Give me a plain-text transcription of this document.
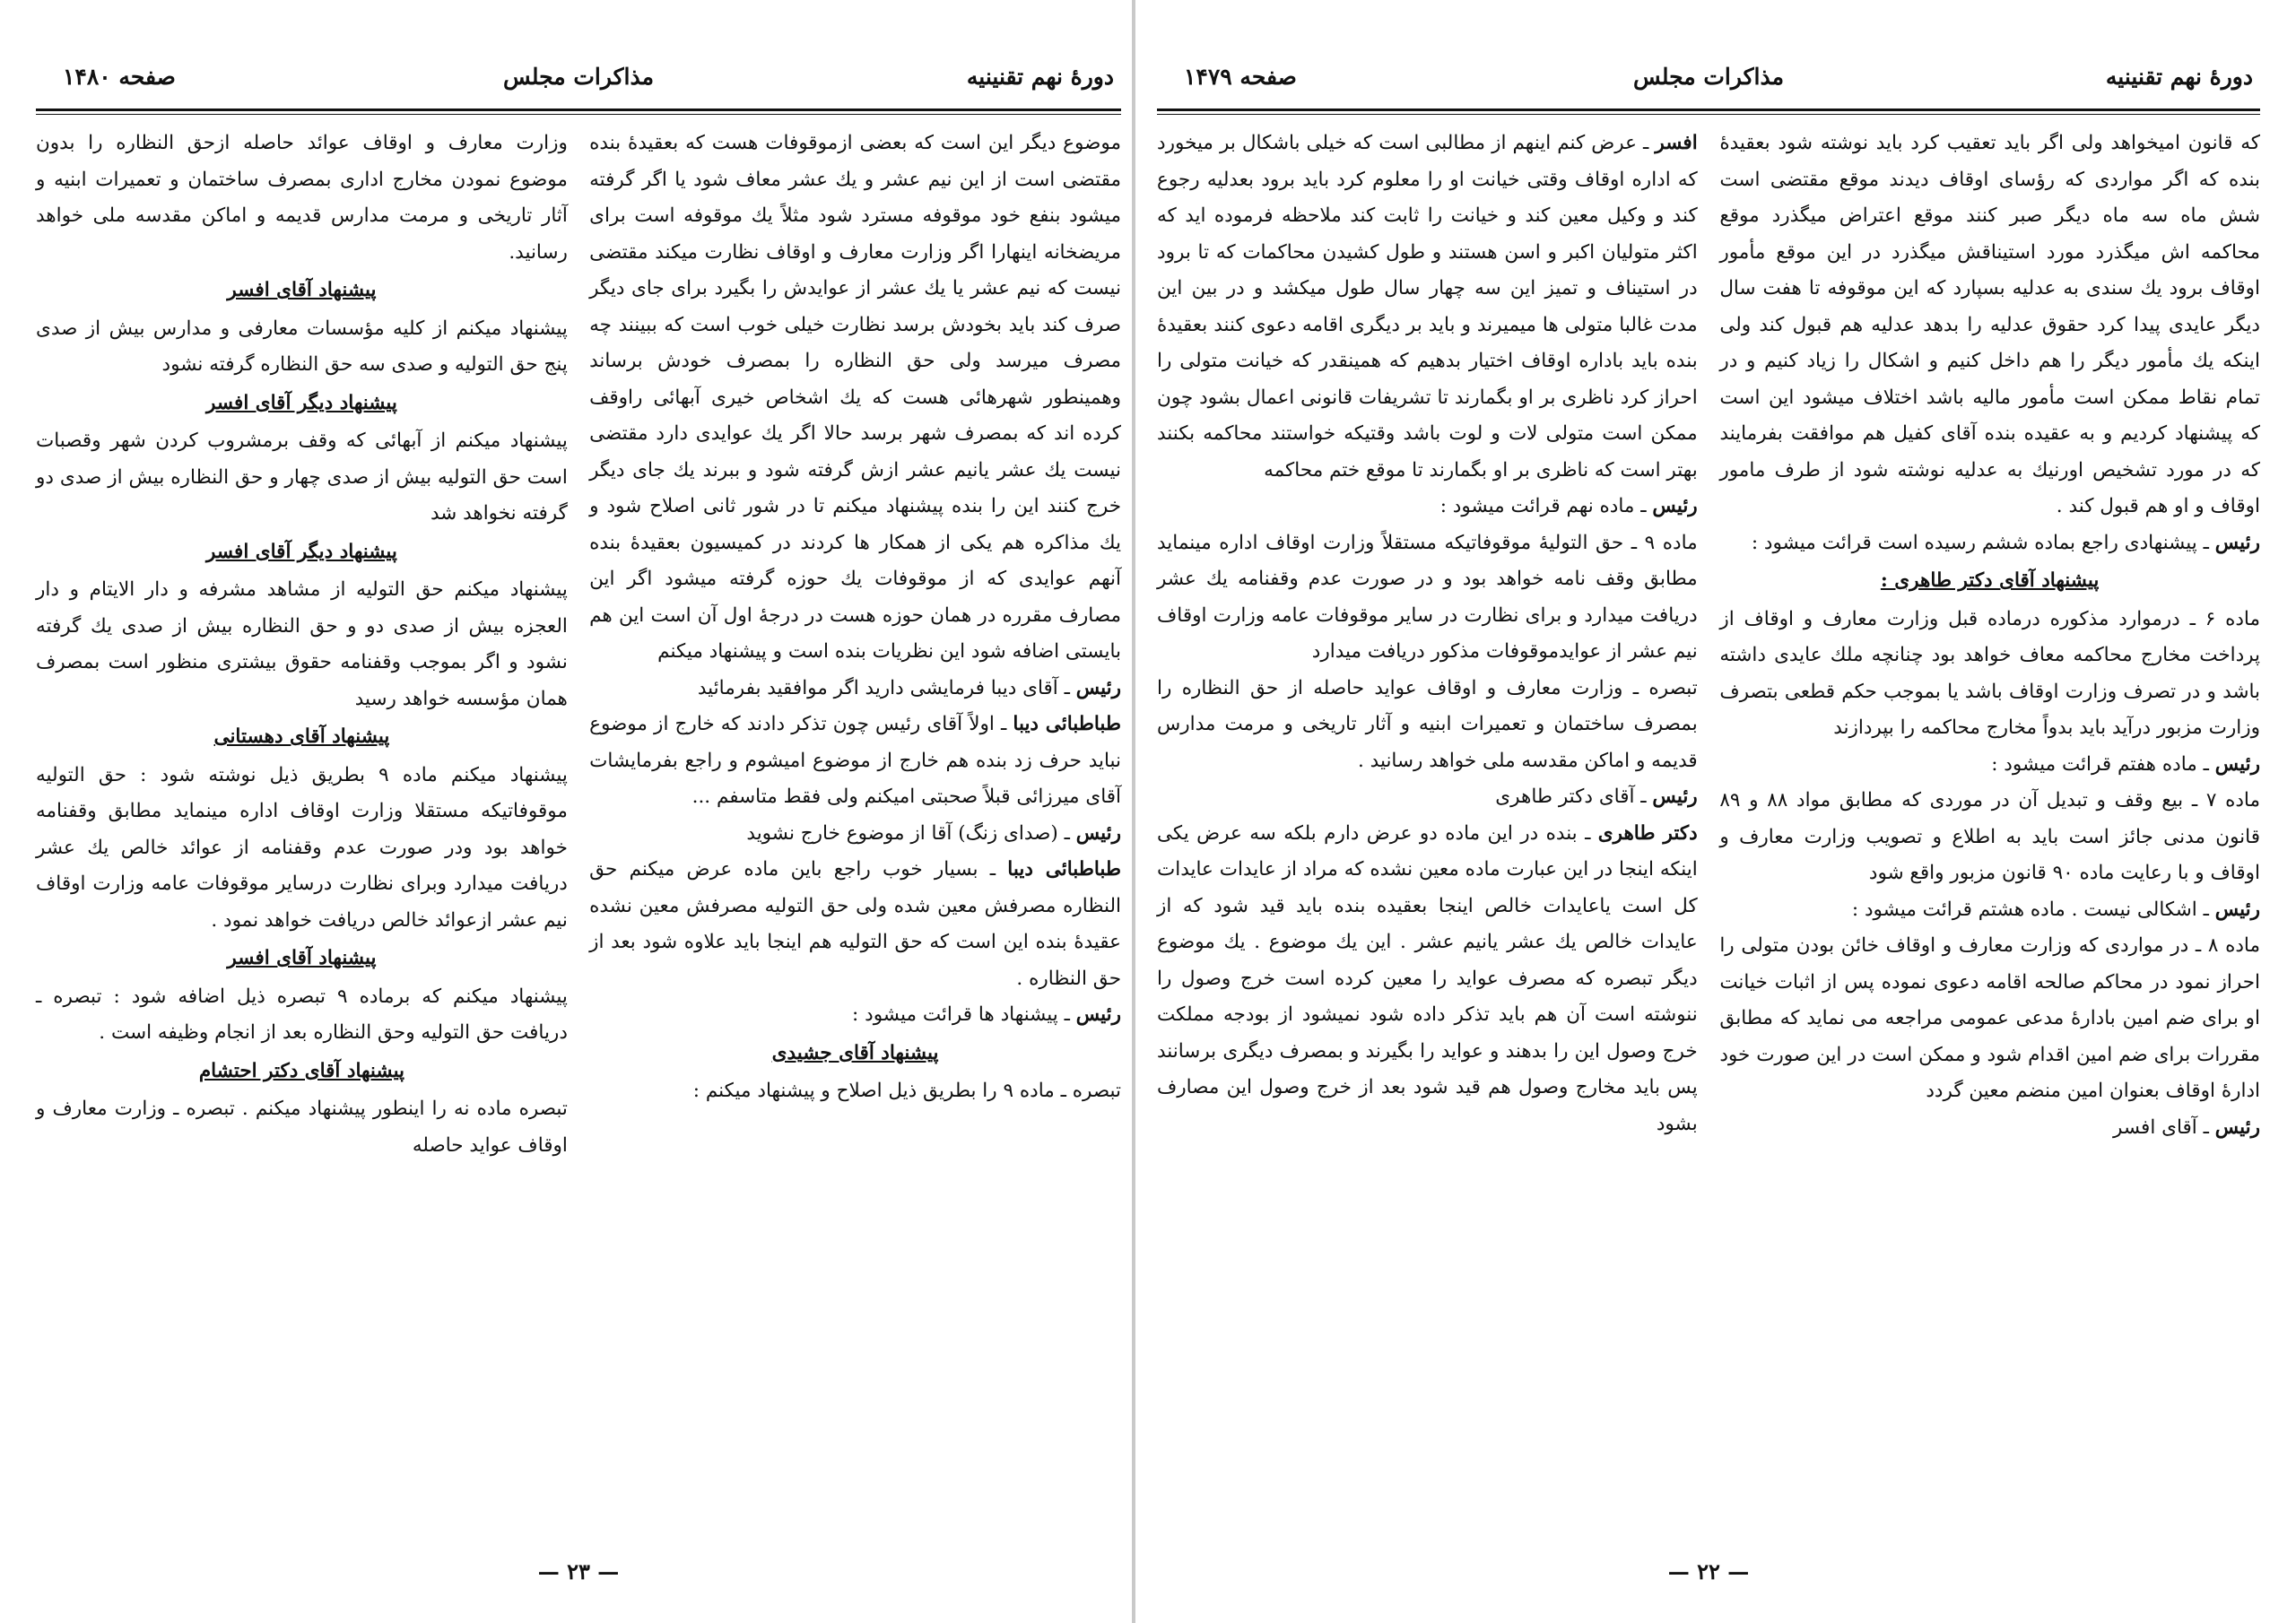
دورهٔ نهم تقنینیه
مذاکرات مجلس
صفحه ۱۴۸۰

موضوع دیگر این است که بعضی ازموقوفات هست که بعقیدهٔ بنده مقتضی است از این نیم عشر و یك عشر معاف شود یا اگر گرفته میشود بنفع خود موقوفه مسترد شود مثلاً یك موقوفه است برای مریضخانه اینهارا اگر وزارت معارف و اوقاف نظارت میکند مقتضی نیست که نیم عشر یا یك عشر از عوایدش را بگیرد برای جای دیگر صرف کند باید بخودش برسد نظارت خیلی خوب است که ببینند چه مصرف میرسد ولی حق النظاره را بمصرف خودش برساند وهمینطور شهرهائی هست که یك اشخاص خیری آبهائی راوقف کرده اند که بمصرف شهر برسد حالا اگر یك عوایدی دارد مقتضی نیست یك عشر یانیم عشر ازش گرفته شود و ببرند یك جای دیگر خرج کنند این را بنده پیشنهاد میکنم تا در شور ثانی اصلاح شود و یك مذاکره هم یکی از همکار ها کردند در کمیسیون بعقیدهٔ بنده آنهم عوایدی که از موقوفات یك حوزه گرفته میشود اگر این مصارف مقرره در همان حوزه هست در درجهٔ اول آن است این هم بایستی اضافه شود این نظریات بنده است و پیشنهاد میکنم

رئیس ـ آقای دیبا فرمایشی دارید اگر موافقید بفرمائید

طباطبائی دیبا ـ اولاً آقای رئیس چون تذکر دادند که خارج از موضوع نباید حرف زد بنده هم خارج از موضوع امیشوم و راجع بفرمایشات آقای میرزائی قبلاً صحبتی امیکنم ولی فقط متاسفم ...

رئیس ـ (صدای زنگ) آقا از موضوع خارج نشوید

طباطبائی دیبا ـ بسیار خوب راجع باین ماده عرض میکنم حق النظاره مصرفش معین شده ولی حق التولیه مصرفش معین نشده عقیدهٔ بنده این است که حق التولیه هم اینجا باید علاوه شود بعد از حق النظاره .

رئیس ـ پیشنهاد ها قرائت میشود :

پیشنهاد آقای جشیدی

تبصره ـ ماده ۹ را بطریق ذیل اصلاح و پیشنهاد میکنم :

وزارت معارف و اوقاف عوائد حاصله ازحق النظاره را بدون موضوع نمودن مخارج اداری بمصرف ساختمان و تعمیرات ابنیه و آثار تاریخی و مرمت مدارس قدیمه و اماکن مقدسه ملی خواهد رسانید.

پیشنهاد آقای افسر

پیشنهاد میکنم از کلیه مؤسسات معارفی و مدارس بیش از صدی پنج حق التولیه و صدی سه حق النظاره گرفته نشود

پیشنهاد دیگر آقای افسر

پیشنهاد میکنم از آبهائی که وقف برمشروب کردن شهر وقصبات است حق التولیه بیش از صدی چهار و حق النظاره بیش از صدی دو گرفته نخواهد شد

پیشنهاد دیگر آقای افسر

پیشنهاد میکنم حق التولیه از مشاهد مشرفه و دار الایتام و دار العجزه بیش از صدی دو و حق النظاره بیش از صدی یك گرفته نشود و اگر بموجب وقفنامه حقوق بیشتری منظور است بمصرف همان مؤسسه خواهد رسید

پیشنهاد آقای دهستانی

پیشنهاد میکنم ماده ۹ بطریق ذیل نوشته شود : حق التولیه موقوفاتیکه مستقلا وزارت اوقاف اداره مینماید مطابق وقفنامه خواهد بود ودر صورت عدم وقفنامه از عوائد خالص یك عشر دریافت میدارد وبرای نظارت درسایر موقوفات عامه وزارت اوقاف نیم عشر ازعوائد خالص دریافت خواهد نمود .

پیشنهاد آقای افسر

پیشنهاد میکنم که برماده ۹ تبصره ذیل اضافه شود : تبصره ـ دریافت حق التولیه وحق النظاره بعد از انجام وظیفه است .

پیشنهاد آقای دکتر احتشام

تبصره ماده نه را اینطور پیشنهاد میکنم . تبصره ـ وزارت معارف و اوقاف عواید حاصله

— ۲۳ —
دورهٔ نهم تقنینیه
مذاکرات مجلس
صفحه ۱۴۷۹

که قانون امیخواهد ولی اگر باید تعقیب کرد باید نوشته شود بعقیدهٔ بنده که اگر مواردی که رؤسای اوقاف دیدند موقع مقتضی است شش ماه سه ماه دیگر صبر کنند موقع اعتراض میگذرد موقع محاکمه اش میگذرد مورد استیناقش میگذرد در این موقع مأمور اوقاف برود یك سندی به عدلیه بسپارد که این موقوفه تا هفت سال دیگر عایدی پیدا کرد حقوق عدلیه را بدهد عدلیه هم قبول کند ولی اینکه یك مأمور دیگر را هم داخل کنیم و اشکال را زیاد کنیم و در تمام نقاط ممکن است مأمور مالیه باشد اختلاف میشود این است که پیشنهاد کردیم و به عقیده بنده آقای کفیل هم موافقت بفرمایند که در مورد تشخیص اورنیك به عدلیه نوشته شود از طرف مامور اوقاف و او هم قبول کند .

رئیس ـ پیشنهادی راجع بماده ششم رسیده است قرائت میشود :

پیشنهاد آقای دکتر طاهری :

ماده ۶ ـ درموارد مذکوره درماده قبل وزارت معارف و اوقاف از پرداخت مخارج محاکمه معاف خواهد بود چنانچه ملك عایدی داشته باشد و در تصرف وزارت اوقاف باشد یا بموجب حکم قطعی بتصرف وزارت مزبور درآید باید بدواً مخارج محاکمه را بپردازند

رئیس ـ ماده هفتم قرائت میشود :

ماده ۷ ـ بیع وقف و تبدیل آن در موردی که مطابق مواد ۸۸ و ۸۹ قانون مدنی جائز است باید به اطلاع و تصویب وزارت معارف و اوقاف و با رعایت ماده ۹۰ قانون مزبور واقع شود

رئیس ـ اشکالی نیست . ماده هشتم قرائت میشود :

ماده ۸ ـ در مواردی که وزارت معارف و اوقاف خائن بودن متولی را احراز نمود در محاکم صالحه اقامه دعوی نموده پس از اثبات خیانت او برای ضم امین بادارهٔ مدعی عمومی مراجعه می نماید که مطابق مقررات برای ضم امین اقدام شود و ممکن است در این صورت خود ادارهٔ اوقاف بعنوان امین منضم معین گردد

رئیس ـ آقای افسر

افسر ـ عرض کنم اینهم از مطالبی است که خیلی باشکال بر میخورد که اداره اوقاف وقتی خیانت او را معلوم کرد باید برود بعدلیه رجوع کند و وکیل معین کند و خیانت را ثابت کند ملاحظه فرموده اید که اکثر متولیان اکبر و اسن هستند و طول کشیدن محاکمات که تا برود در استیناف و تمیز این سه چهار سال طول میکشد و در بین این مدت غالبا متولی ها میمیرند و باید بر دیگری اقامه دعوی کنند بعقیدهٔ بنده باید باداره اوقاف اختیار بدهیم که همینقدر که خیانت متولی را احراز کرد ناظری بر او بگمارند تا تشریفات قانونی اعمال بشود چون ممکن است متولی لات و لوت باشد وقتیکه خواستند محاکمه بکنند بهتر است که ناظری بر او بگمارند تا موقع ختم محاکمه

رئیس ـ ماده نهم قرائت میشود :

ماده ۹ ـ حق التولیهٔ موقوفاتیکه مستقلاً وزارت اوقاف اداره مینماید مطابق وقف نامه خواهد بود و در صورت عدم وقفنامه یك عشر دریافت میدارد و برای نظارت در سایر موقوفات عامه وزارت اوقاف نیم عشر از عوایدموقوفات مذکور دریافت میدارد

تبصره ـ وزارت معارف و اوقاف عواید حاصله از حق النظاره را بمصرف ساختمان و تعمیرات ابنیه و آثار تاریخی و مرمت مدارس قدیمه و اماکن مقدسه ملی خواهد رسانید .

رئیس ـ آقای دکتر طاهری

دکتر طاهری ـ بنده در این ماده دو عرض دارم بلکه سه عرض یکی اینکه اینجا در این عبارت ماده معین نشده که مراد از عایدات عایدات کل است یاعایدات خالص اینجا بعقیده بنده باید قید شود که از عایدات خالص یك عشر یانیم عشر . این یك موضوع . یك موضوع دیگر تبصره که مصرف عواید را معین کرده است خرج وصول را ننوشته است آن هم باید تذکر داده شود نمیشود از بودجه مملکت خرج وصول این را بدهند و عواید را بگیرند و بمصرف دیگری برسانند پس باید مخارج وصول هم قید شود بعد از خرج وصول این مصارف بشود

— ۲۲ —
